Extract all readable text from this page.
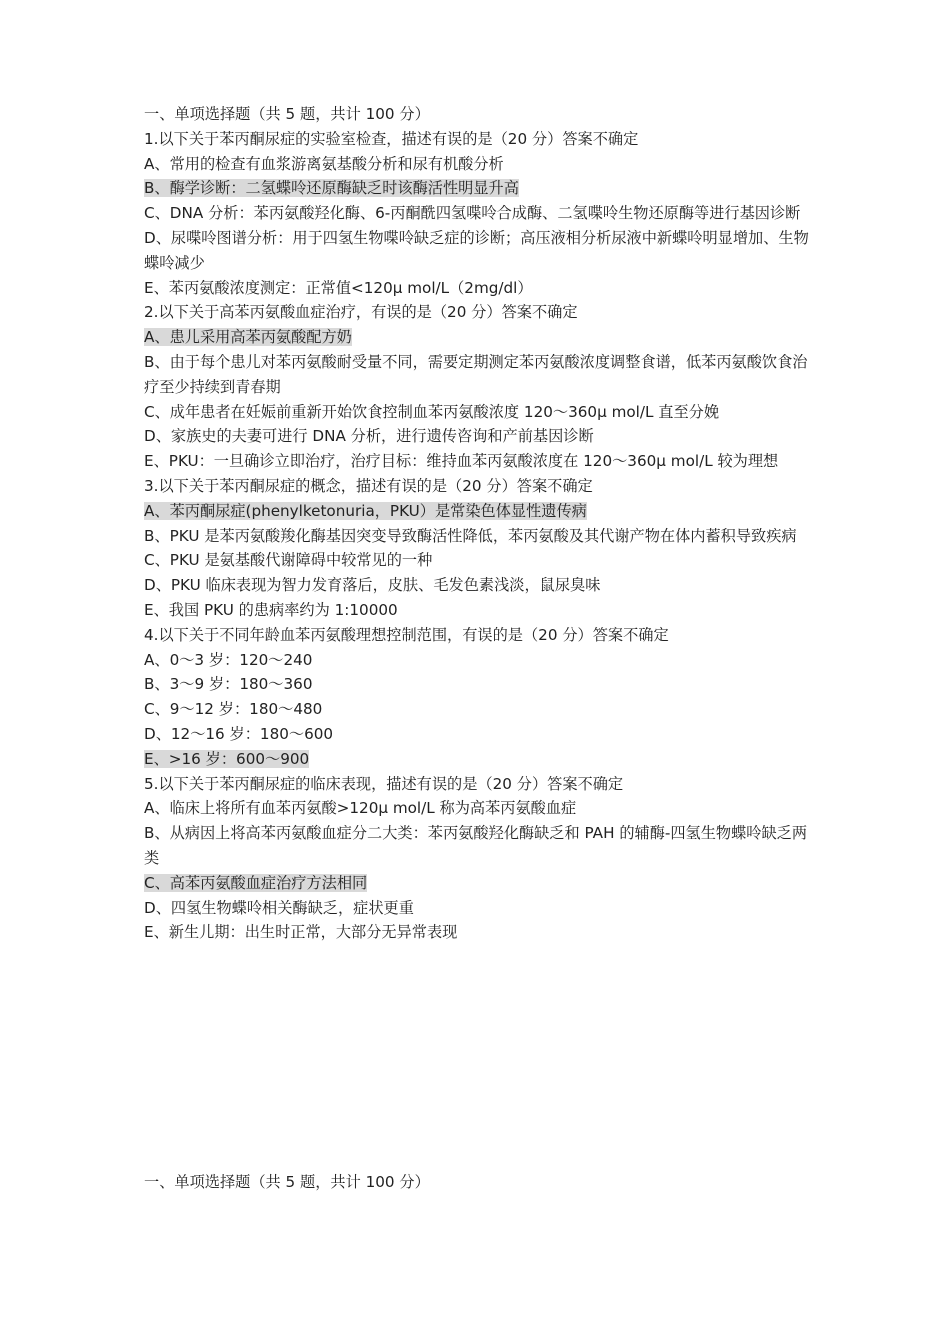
一、单项选择题（共 5 题，共计 100 分）

1.以下关于苯丙酮尿症的实验室检查，描述有误的是（20 分）答案不确定

A、常用的检查有血浆游离氨基酸分析和尿有机酸分析

B、酶学诊断：二氢蝶呤还原酶缺乏时该酶活性明显升高

C、DNA 分析：苯丙氨酸羟化酶、6-丙酮酰四氢喋呤合成酶、二氢喋呤生物还原酶等进行基因诊断

D、尿喋呤图谱分析：用于四氢生物喋呤缺乏症的诊断；高压液相分析尿液中新蝶呤明显增加、生物蝶呤减少

E、苯丙氨酸浓度测定：正常值<120μ mol/L（2mg/dl）

2.以下关于高苯丙氨酸血症治疗，有误的是（20 分）答案不确定

A、患儿采用高苯丙氨酸配方奶

B、由于每个患儿对苯丙氨酸耐受量不同，需要定期测定苯丙氨酸浓度调整食谱，低苯丙氨酸饮食治疗至少持续到青春期

C、成年患者在妊娠前重新开始饮食控制血苯丙氨酸浓度 120～360μ mol/L 直至分娩

D、家族史的夫妻可进行 DNA 分析，进行遗传咨询和产前基因诊断

E、PKU：一旦确诊立即治疗，治疗目标：维持血苯丙氨酸浓度在 120～360μ mol/L 较为理想

3.以下关于苯丙酮尿症的概念，描述有误的是（20 分）答案不确定

A、苯丙酮尿症(phenylketonuria，PKU）是常染色体显性遗传病

B、PKU 是苯丙氨酸羧化酶基因突变导致酶活性降低，苯丙氨酸及其代谢产物在体内蓄积导致疾病

C、PKU 是氨基酸代谢障碍中较常见的一种

D、PKU 临床表现为智力发育落后，皮肤、毛发色素浅淡，鼠尿臭味

E、我国 PKU 的患病率约为 1:10000

4.以下关于不同年龄血苯丙氨酸理想控制范围，有误的是（20 分）答案不确定

A、0～3 岁：120～240

B、3～9 岁：180～360

C、9～12 岁：180～480

D、12～16 岁：180～600

E、>16 岁：600～900

5.以下关于苯丙酮尿症的临床表现，描述有误的是（20 分）答案不确定

A、临床上将所有血苯丙氨酸>120μ mol/L 称为高苯丙氨酸血症

B、从病因上将高苯丙氨酸血症分二大类：苯丙氨酸羟化酶缺乏和 PAH 的辅酶-四氢生物蝶呤缺乏两类

C、高苯丙氨酸血症治疗方法相同

D、四氢生物蝶呤相关酶缺乏，症状更重

E、新生儿期：出生时正常，大部分无异常表现

一、单项选择题（共 5 题，共计 100 分）
